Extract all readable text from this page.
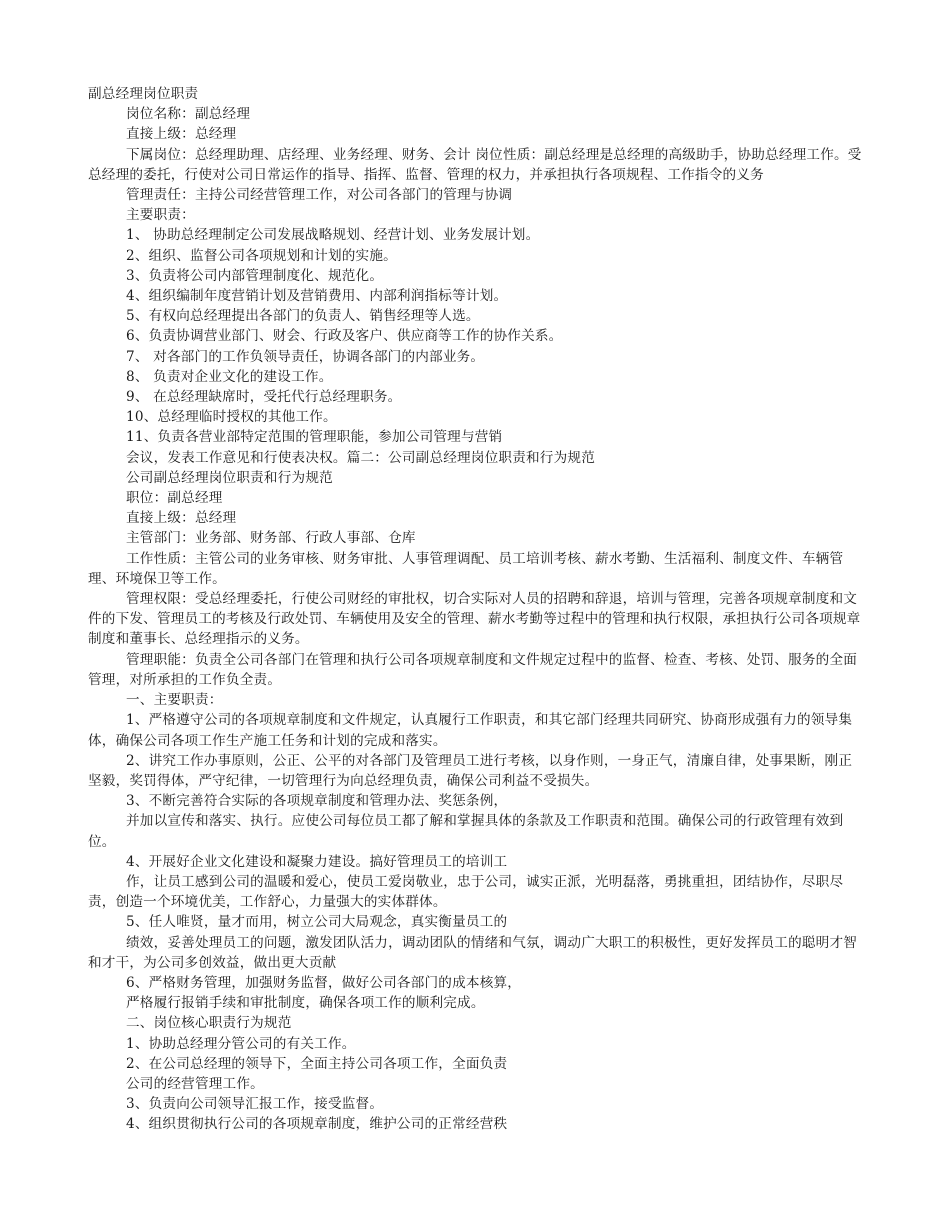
副总经理岗位职责

岗位名称：副总经理

直接上级：总经理

下属岗位：总经理助理、店经理、业务经理、财务、会计 岗位性质：副总经理是总经理的高级助手，协助总经理工作。受总经理的委托，行使对公司日常运作的指导、指挥、监督、管理的权力，并承担执行各项规程、工作指令的义务

管理责任：主持公司经营管理工作，对公司各部门的管理与协调

主要职责：

1、 协助总经理制定公司发展战略规划、经营计划、业务发展计划。

2、组织、监督公司各项规划和计划的实施。

3、负责将公司内部管理制度化、规范化。

4、组织编制年度营销计划及营销费用、内部利润指标等计划。

5、有权向总经理提出各部门的负责人、销售经理等人选。

6、负责协调营业部门、财会、行政及客户、供应商等工作的协作关系。

7、 对各部门的工作负领导责任，协调各部门的内部业务。

8、 负责对企业文化的建设工作。

9、 在总经理缺席时，受托代行总经理职务。

10、总经理临时授权的其他工作。

11、负责各营业部特定范围的管理职能，参加公司管理与营销

会议，发表工作意见和行使表决权。篇二：公司副总经理岗位职责和行为规范

公司副总经理岗位职责和行为规范

职位：副总经理

直接上级：总经理

主管部门：业务部、财务部、行政人事部、仓库

工作性质：主管公司的业务审核、财务审批、人事管理调配、员工培训考核、薪水考勤、生活福利、制度文件、车辆管理、环境保卫等工作。

管理权限：受总经理委托，行使公司财经的审批权，切合实际对人员的招聘和辞退，培训与管理，完善各项规章制度和文件的下发、管理员工的考核及行政处罚、车辆使用及安全的管理、薪水考勤等过程中的管理和执行权限，承担执行公司各项规章制度和董事长、总经理指示的义务。

管理职能：负责全公司各部门在管理和执行公司各项规章制度和文件规定过程中的监督、检查、考核、处罚、服务的全面管理，对所承担的工作负全责。

一、主要职责：

1、严格遵守公司的各项规章制度和文件规定，认真履行工作职责，和其它部门经理共同研究、协商形成强有力的领导集体，确保公司各项工作生产施工任务和计划的完成和落实。

2、讲究工作办事原则，公正、公平的对各部门及管理员工进行考核，以身作则，一身正气，清廉自律，处事果断，刚正坚毅，奖罚得体，严守纪律，一切管理行为向总经理负责，确保公司利益不受损失。

3、不断完善符合实际的各项规章制度和管理办法、奖惩条例，

并加以宣传和落实、执行。应使公司每位员工都了解和掌握具体的条款及工作职责和范围。确保公司的行政管理有效到位。

4、开展好企业文化建设和凝聚力建设。搞好管理员工的培训工

作，让员工感到公司的温暖和爱心，使员工爱岗敬业，忠于公司，诚实正派，光明磊落，勇挑重担，团结协作，尽职尽责，创造一个环境优美，工作舒心，力量强大的实体群体。

5、任人唯贤，量才而用，树立公司大局观念，真实衡量员工的

绩效，妥善处理员工的问题，激发团队活力，调动团队的情绪和气氛，调动广大职工的积极性，更好发挥员工的聪明才智和才干，为公司多创效益，做出更大贡献

6、严格财务管理，加强财务监督，做好公司各部门的成本核算，

严格履行报销手续和审批制度，确保各项工作的顺利完成。

二、岗位核心职责行为规范

1、协助总经理分管公司的有关工作。

2、在公司总经理的领导下，全面主持公司各项工作，全面负责

公司的经营管理工作。

3、负责向公司领导汇报工作，接受监督。

4、组织贯彻执行公司的各项规章制度，维护公司的正常经营秩
